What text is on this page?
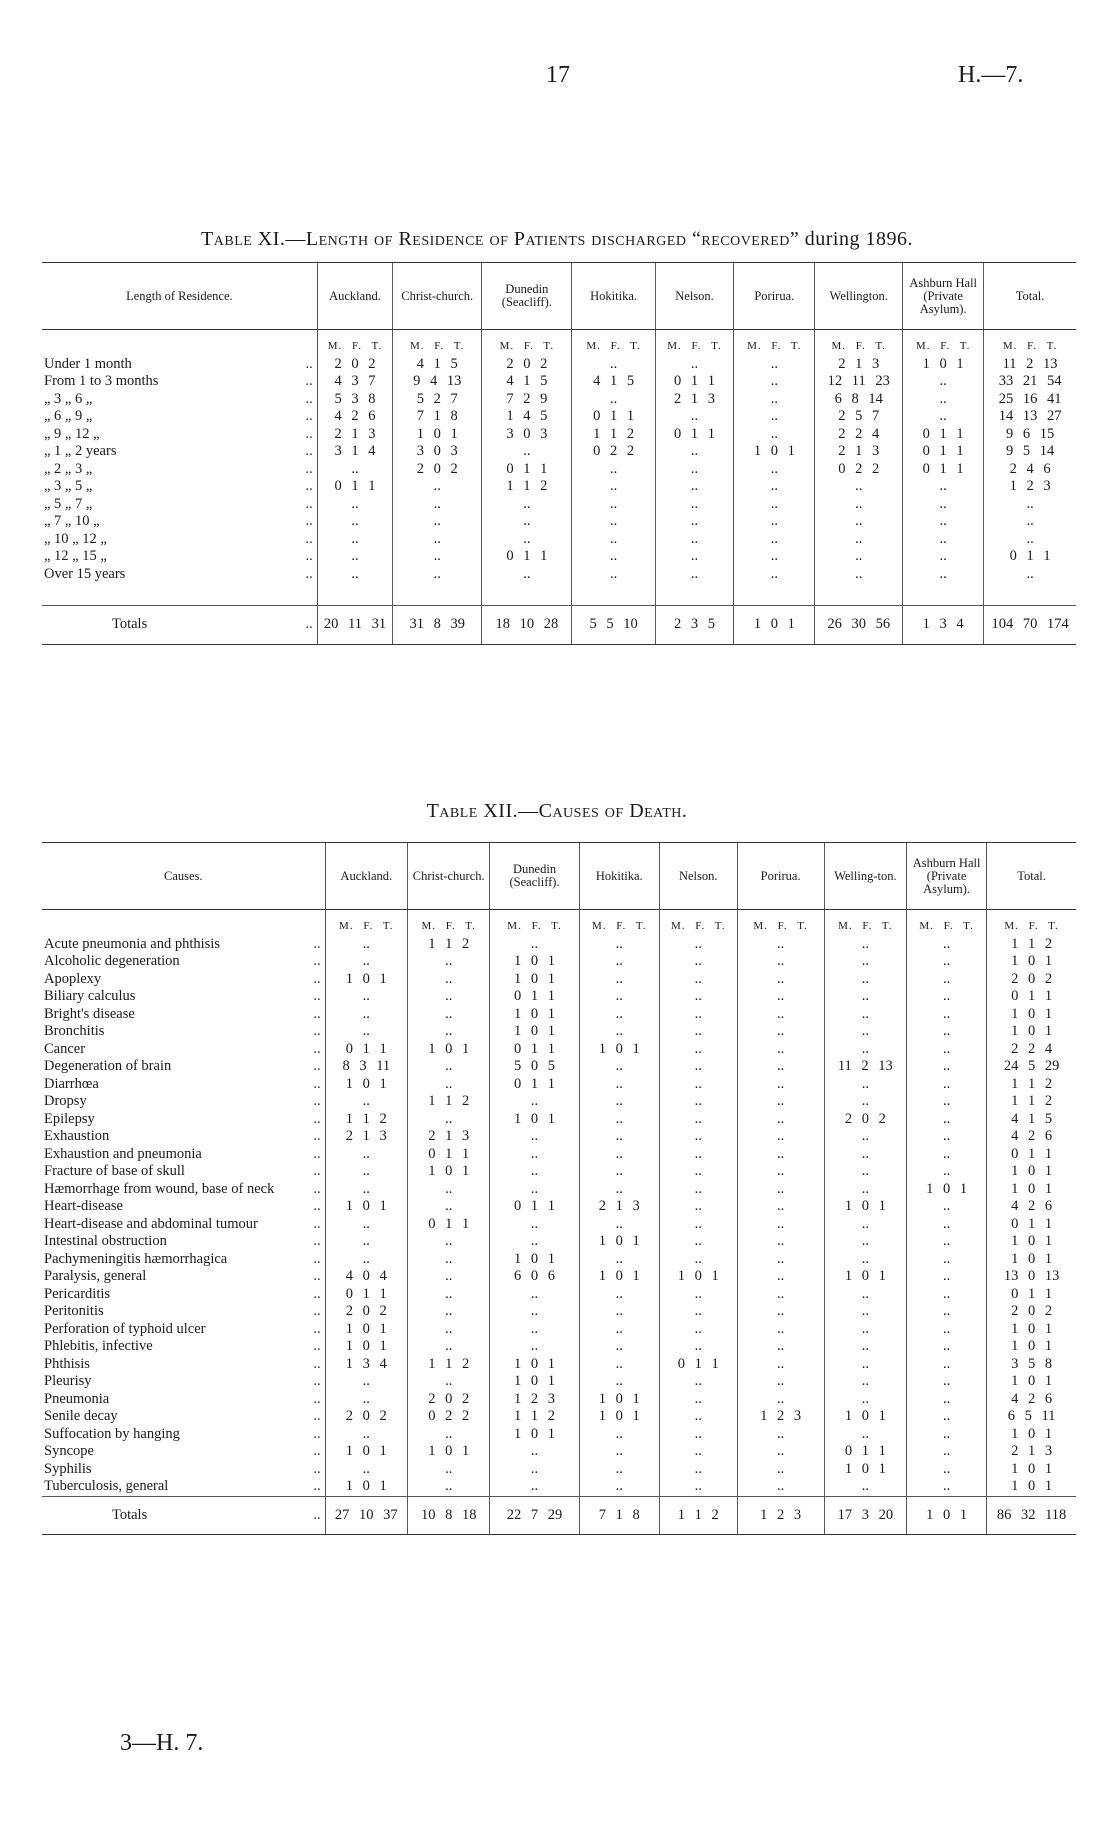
17	H.—7.
Table XI.—Length of Residence of Patients discharged “recovered” during 1896.
Length of Residence.		Auckland.	Christ-church.	Dunedin (Seacliff).	Hokitika.	Nelson.	Porirua.	Wellington.	Ashburn Hall (Private Asylum).	Total.
		M. F. T.	M. F. T.	M. F. T.	M. F. T.	M. F. T.	M. F. T.	M. F. T.	M. F. T.	M. F. T.
Under 1 month	..	2 0 2	4 1 5	2 0 2	..	..	..	2 1 3	1 0 1	11 2 13
From 1 to 3 months	..	4 3 7	9 4 13	4 1 5	4 1 5	0 1 1	..	12 11 23	..	33 21 54
„ 3 „ 6 „	..	5 3 8	5 2 7	7 2 9	..	2 1 3	..	6 8 14	..	25 16 41
„ 6 „ 9 „	..	4 2 6	7 1 8	1 4 5	0 1 1	..	..	2 5 7	..	14 13 27
„ 9 „ 12 „	..	2 1 3	1 0 1	3 0 3	1 1 2	0 1 1	..	2 2 4	0 1 1	9 6 15
„ 1 „ 2 years	..	3 1 4	3 0 3	..	0 2 2	..	1 0 1	2 1 3	0 1 1	9 5 14
„ 2 „ 3 „	..	..	2 0 2	0 1 1	..	..	..	0 2 2	0 1 1	2 4 6
„ 3 „ 5 „	..	0 1 1	..	1 1 2	..	..	..	..	..	1 2 3
„ 5 „ 7 „	..	..	..	..	..	..	..	..	..	..
„ 7 „ 10 „	..	..	..	..	..	..	..	..	..	..
„ 10 „ 12 „	..	..	..	..	..	..	..	..	..	..
„ 12 „ 15 „	..	..	..	0 1 1	..	..	..	..	..	0 1 1
Over 15 years	..	..	..	..	..	..	..	..	..	..

Totals	..	20 11 31	31 8 39	18 10 28	5 5 10	2 3 5	1 0 1	26 30 56	1 3 4	104 70 174
Table XII.—Causes of Death.
Causes.		Auckland.	Christ-church.	Dunedin (Seacliff).	Hokitika.	Nelson.	Porirua.	Welling-ton.	Ashburn Hall (Private Asylum).	Total.
		M. F. T.	M. F. T.	M. F. T.	M. F. T.	M. F. T.	M. F. T.	M. F. T.	M. F. T.	M. F. T.
Acute pneumonia and phthisis	..	..	1 1 2	..	..	..	..	..	..	1 1 2
Alcoholic degeneration	..	..	..	1 0 1	..	..	..	..	..	1 0 1
Apoplexy	..	1 0 1	..	1 0 1	..	..	..	..	..	2 0 2
Biliary calculus	..	..	..	0 1 1	..	..	..	..	..	0 1 1
Bright's disease	..	..	..	1 0 1	..	..	..	..	..	1 0 1
Bronchitis	..	..	..	1 0 1	..	..	..	..	..	1 0 1
Cancer	..	0 1 1	1 0 1	0 1 1	1 0 1	..	..	..	..	2 2 4
Degeneration of brain	..	8 3 11	..	5 0 5	..	..	..	11 2 13	..	24 5 29
Diarrhœa	..	1 0 1	..	0 1 1	..	..	..	..	..	1 1 2
Dropsy	..	..	1 1 2	..	..	..	..	..	..	1 1 2
Epilepsy	..	1 1 2	..	1 0 1	..	..	..	2 0 2	..	4 1 5
Exhaustion	..	2 1 3	2 1 3	..	..	..	..	..	..	4 2 6
Exhaustion and pneumonia	..	..	0 1 1	..	..	..	..	..	..	0 1 1
Fracture of base of skull	..	..	1 0 1	..	..	..	..	..	..	1 0 1
Hæmorrhage from wound, base of neck	..	..	..	..	..	..	..	..	1 0 1	1 0 1
Heart-disease	..	1 0 1	..	0 1 1	2 1 3	..	..	1 0 1	..	4 2 6
Heart-disease and abdominal tumour	..	..	0 1 1	..	..	..	..	..	..	0 1 1
Intestinal obstruction	..	..	..	..	1 0 1	..	..	..	..	1 0 1
Pachymeningitis hæmorrhagica	..	..	..	1 0 1	..	..	..	..	..	1 0 1
Paralysis, general	..	4 0 4	..	6 0 6	1 0 1	1 0 1	..	1 0 1	..	13 0 13
Pericarditis	..	0 1 1	..	..	..	..	..	..	..	0 1 1
Peritonitis	..	2 0 2	..	..	..	..	..	..	..	2 0 2
Perforation of typhoid ulcer	..	1 0 1	..	..	..	..	..	..	..	1 0 1
Phlebitis, infective	..	1 0 1	..	..	..	..	..	..	..	1 0 1
Phthisis	..	1 3 4	1 1 2	1 0 1	..	0 1 1	..	..	..	3 5 8
Pleurisy	..	..	..	1 0 1	..	..	..	..	..	1 0 1
Pneumonia	..	..	2 0 2	1 2 3	1 0 1	..	..	..	..	4 2 6
Senile decay	..	2 0 2	0 2 2	1 1 2	1 0 1	..	1 2 3	1 0 1	..	6 5 11
Suffocation by hanging	..	..	..	1 0 1	..	..	..	..	..	1 0 1
Syncope	..	1 0 1	1 0 1	..	..	..	..	0 1 1	..	2 1 3
Syphilis	..	..	..	..	..	..	..	1 0 1	..	1 0 1
Tuberculosis, general	..	1 0 1	..	..	..	..	..	..	..	1 0 1
Totals	..	27 10 37	10 8 18	22 7 29	7 1 8	1 1 2	1 2 3	17 3 20	1 0 1	86 32 118
3—H. 7.
